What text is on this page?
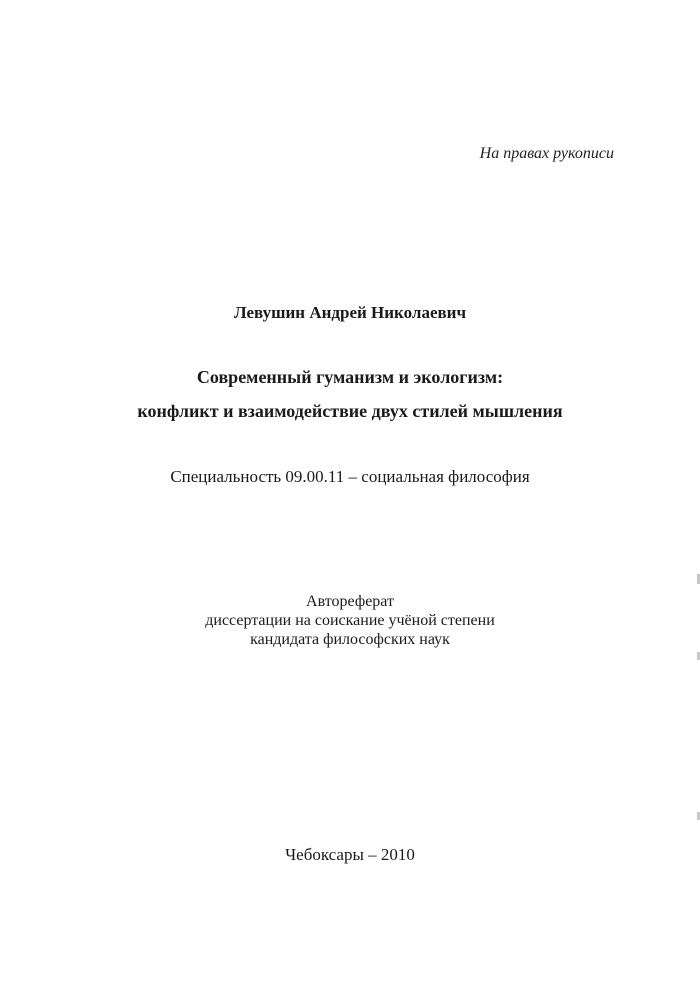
На правах рукописи
Левушин Андрей Николаевич
Современный гуманизм и экологизм:
конфликт и взаимодействие двух стилей мышления
Специальность 09.00.11 – социальная философия
Автореферат
диссертации на соискание учёной степени
кандидата философских наук
Чебоксары – 2010
